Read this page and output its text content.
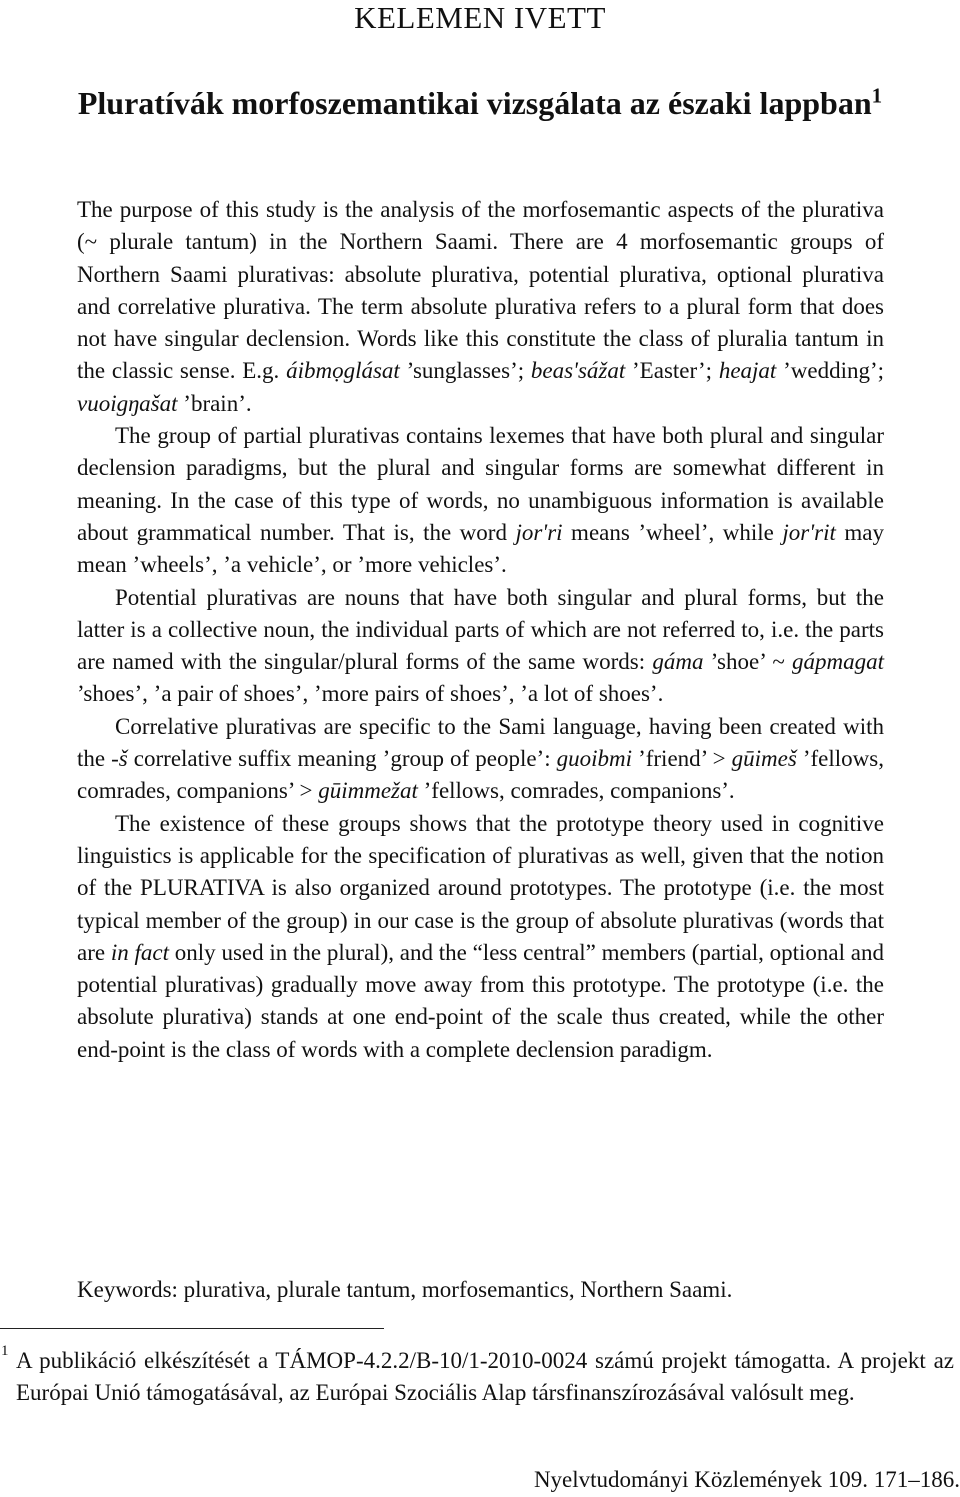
KELEMEN IVETT
Pluratívák morfoszemantikai vizsgálata az északi lappban$^1$

The purpose of this study is the analysis of the morfosemantic aspects of the plurativa (~ plurale tantum) in the Northern Saami. There are 4 morfosemantic groups of Northern Saami plurativas: absolute plurativa, potential plurativa, optional plurativa and correlative plurativa. The term absolute plurativa refers to a plural form that does not have singular declension. Words like this constitute the class of pluralia tantum in the classic sense. E.g. áibmọglásat ’sunglasses’; beas'sážat ’Easter’; heajat ’wedding’; vuoigŋašat ’brain’.

The group of partial plurativas contains lexemes that have both plural and singular declension paradigms, but the plural and singular forms are somewhat different in meaning. In the case of this type of words, no unambiguous information is available about grammatical number. That is, the word jor'ri means ’wheel’, while jor'rit may mean ’wheels’, ’a vehicle’, or ’more vehicles’.

Potential plurativas are nouns that have both singular and plural forms, but the latter is a collective noun, the individual parts of which are not referred to, i.e. the parts are named with the singular/plural forms of the same words: gáma ’shoe’ ~ gápmagat ’shoes’, ’a pair of shoes’, ’more pairs of shoes’, ’a lot of shoes’.

Correlative plurativas are specific to the Sami language, having been created with the -š correlative suffix meaning ’group of people’: guoibmi ’friend’ > gūimeš ’fellows, comrades, companions’ > gūimmežat ’fellows, comrades, companions’.

The existence of these groups shows that the prototype theory used in cognitive linguistics is applicable for the specification of plurativas as well, given that the notion of the PLURATIVA is also organized around prototypes. The prototype (i.e. the most typical member of the group) in our case is the group of absolute plurativas (words that are in fact only used in the plural), and the “less central” members (partial, optional and potential plurativas) gradually move away from this prototype. The prototype (i.e. the absolute plurativa) stands at one end-point of the scale thus created, while the other end-point is the class of words with a complete declension paradigm.

Keywords: plurativa, plurale tantum, morfosemantics, Northern Saami.
1 A publikáció elkészítését a TÁMOP-4.2.2/B-10/1-2010-0024 számú projekt támogatta. A projekt az Európai Unió támogatásával, az Európai Szociális Alap társfinanszírozásával valósult meg.
Nyelvtudományi Közlemények 109. 171–186.
